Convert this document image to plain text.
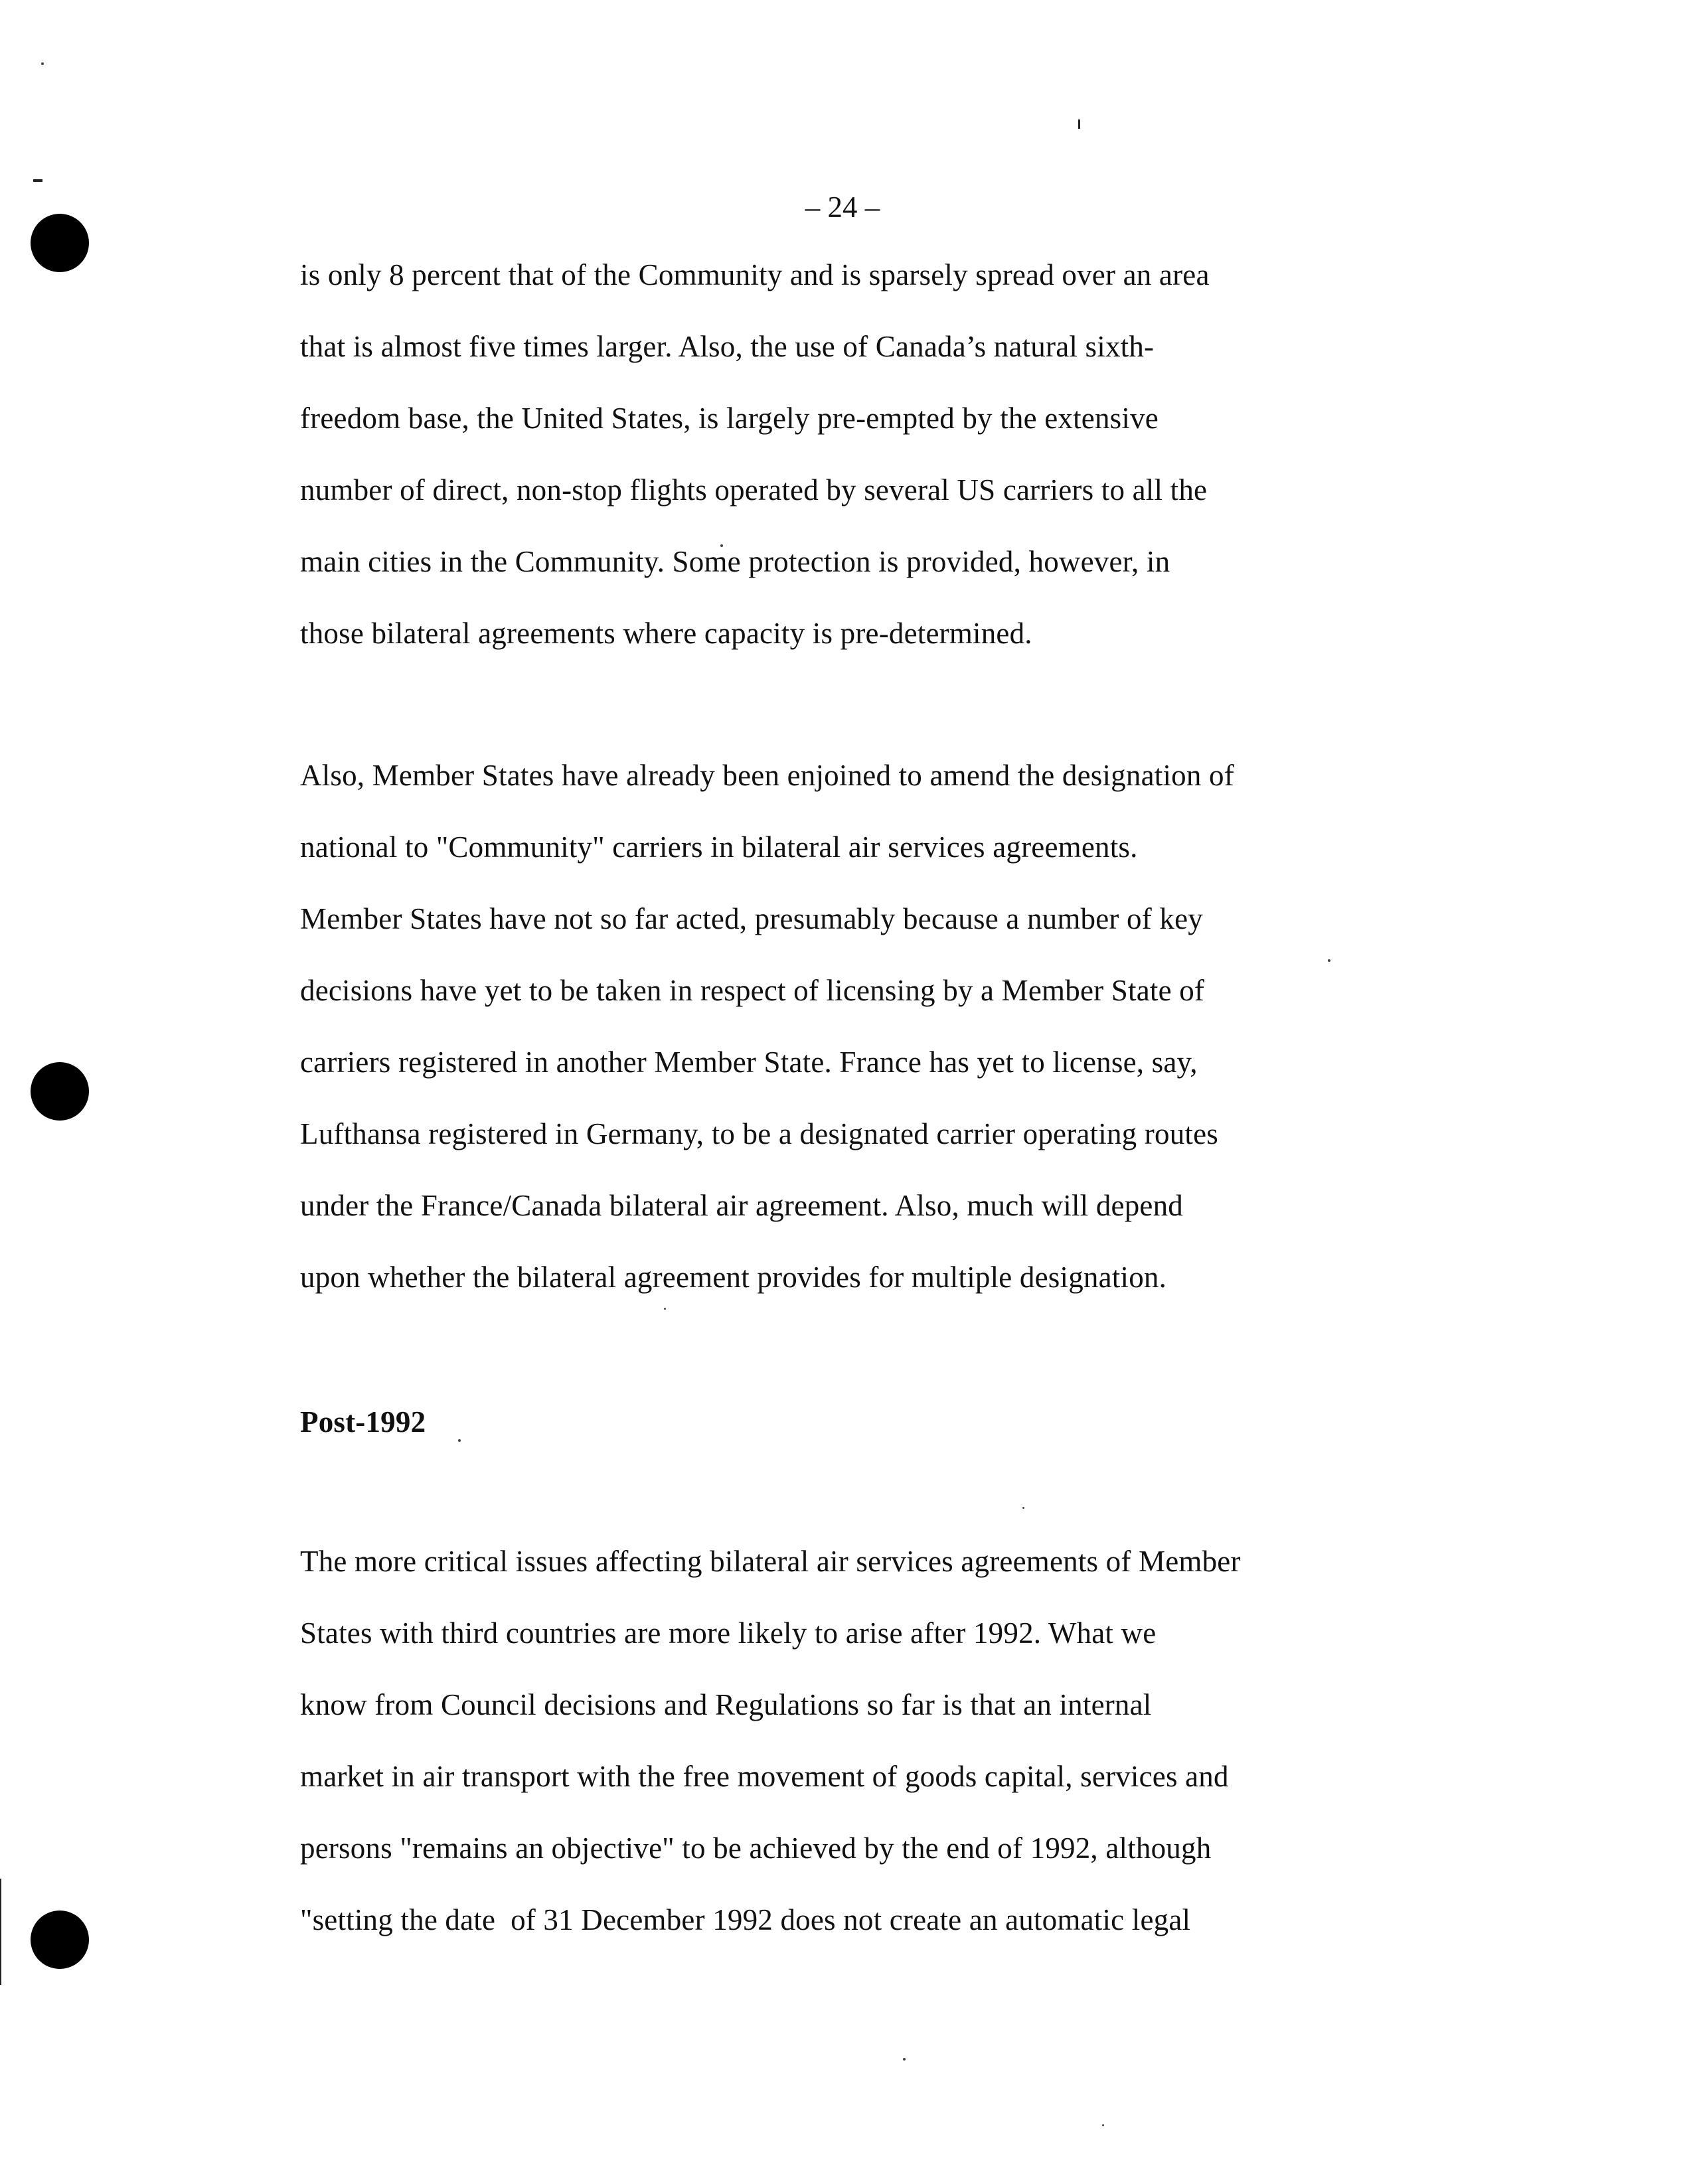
– 24 –
is only 8 percent that of the Community and is sparsely spread over an area
that is almost five times larger. Also, the use of Canada’s natural sixth-
freedom base, the United States, is largely pre-empted by the extensive
number of direct, non-stop flights operated by several US carriers to all the
main cities in the Community. Some protection is provided, however, in
those bilateral agreements where capacity is pre-determined.
Also, Member States have already been enjoined to amend the designation of
national to "Community" carriers in bilateral air services agreements.
Member States have not so far acted, presumably because a number of key
decisions have yet to be taken in respect of licensing by a Member State of
carriers registered in another Member State. France has yet to license, say,
Lufthansa registered in Germany, to be a designated carrier operating routes
under the France/Canada bilateral air agreement. Also, much will depend
upon whether the bilateral agreement provides for multiple designation.
Post-1992
The more critical issues affecting bilateral air services agreements of Member
States with third countries are more likely to arise after 1992. What we
know from Council decisions and Regulations so far is that an internal
market in air transport with the free movement of goods capital, services and
persons "remains an objective" to be achieved by the end of 1992, although
"setting the date  of 31 December 1992 does not create an automatic legal
